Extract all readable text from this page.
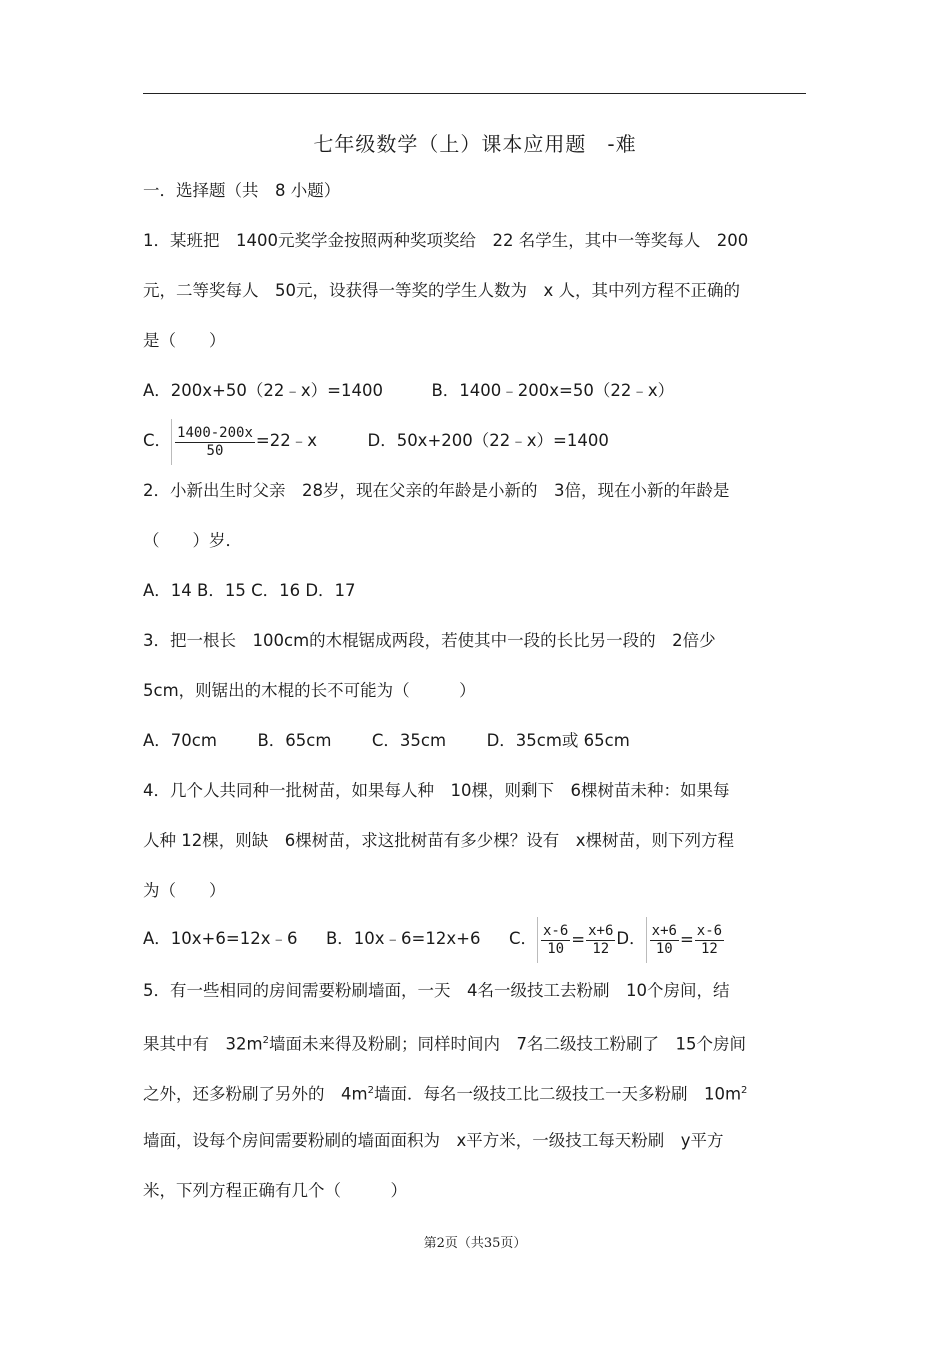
七年级数学（上）课本应用题　-难
一．选择题（共　8 小题）
1．某班把　1400元奖学金按照两种奖项奖给　22 名学生，其中一等奖每人　200
元，二等奖每人　50元，设获得一等奖的学生人数为　x 人，其中列方程不正确的
是（　　）
A．200x+50（22﹣x）=1400	B．1400﹣200x=50（22﹣x）
C． $\frac{1400-200x}{50}$ =22﹣x	D．50x+200（22﹣x）=1400
2．小新出生时父亲　28岁，现在父亲的年龄是小新的　3倍，现在小新的年龄是
（　　）岁．
A．14 B．15 C．16 D．17
3．把一根长　100cm的木棍锯成两段，若使其中一段的长比另一段的　2倍少
5cm，则锯出的木棍的长不可能为（　　　）
A．70cm B．65cm C．35cm D．35cm或 65cm
4．几个人共同种一批树苗，如果每人种　10棵，则剩下　6棵树苗未种：如果每
人种 12棵，则缺　6棵树苗，求这批树苗有多少棵？设有　x棵树苗，则下列方程
为（　　）
A．10x+6=12x﹣6 B．10x﹣6=12x+6 C． $\frac{x-6}{10} = \frac{x+6}{12}$ D． $\frac{x+6}{10} = \frac{x-6}{12}$
5．有一些相同的房间需要粉刷墙面，一天　4名一级技工去粉刷　10个房间，结
果其中有　$32m^2$墙面未来得及粉刷；同样时间内　7名二级技工粉刷了　15个房间
之外，还多粉刷了另外的　$4m^2$墙面．每名一级技工比二级技工一天多粉刷　$10m^2$
墙面，设每个房间需要粉刷的墙面面积为　x平方米，一级技工每天粉刷　y平方
米，下列方程正确有几个（　　　）
第2页（共35页）
